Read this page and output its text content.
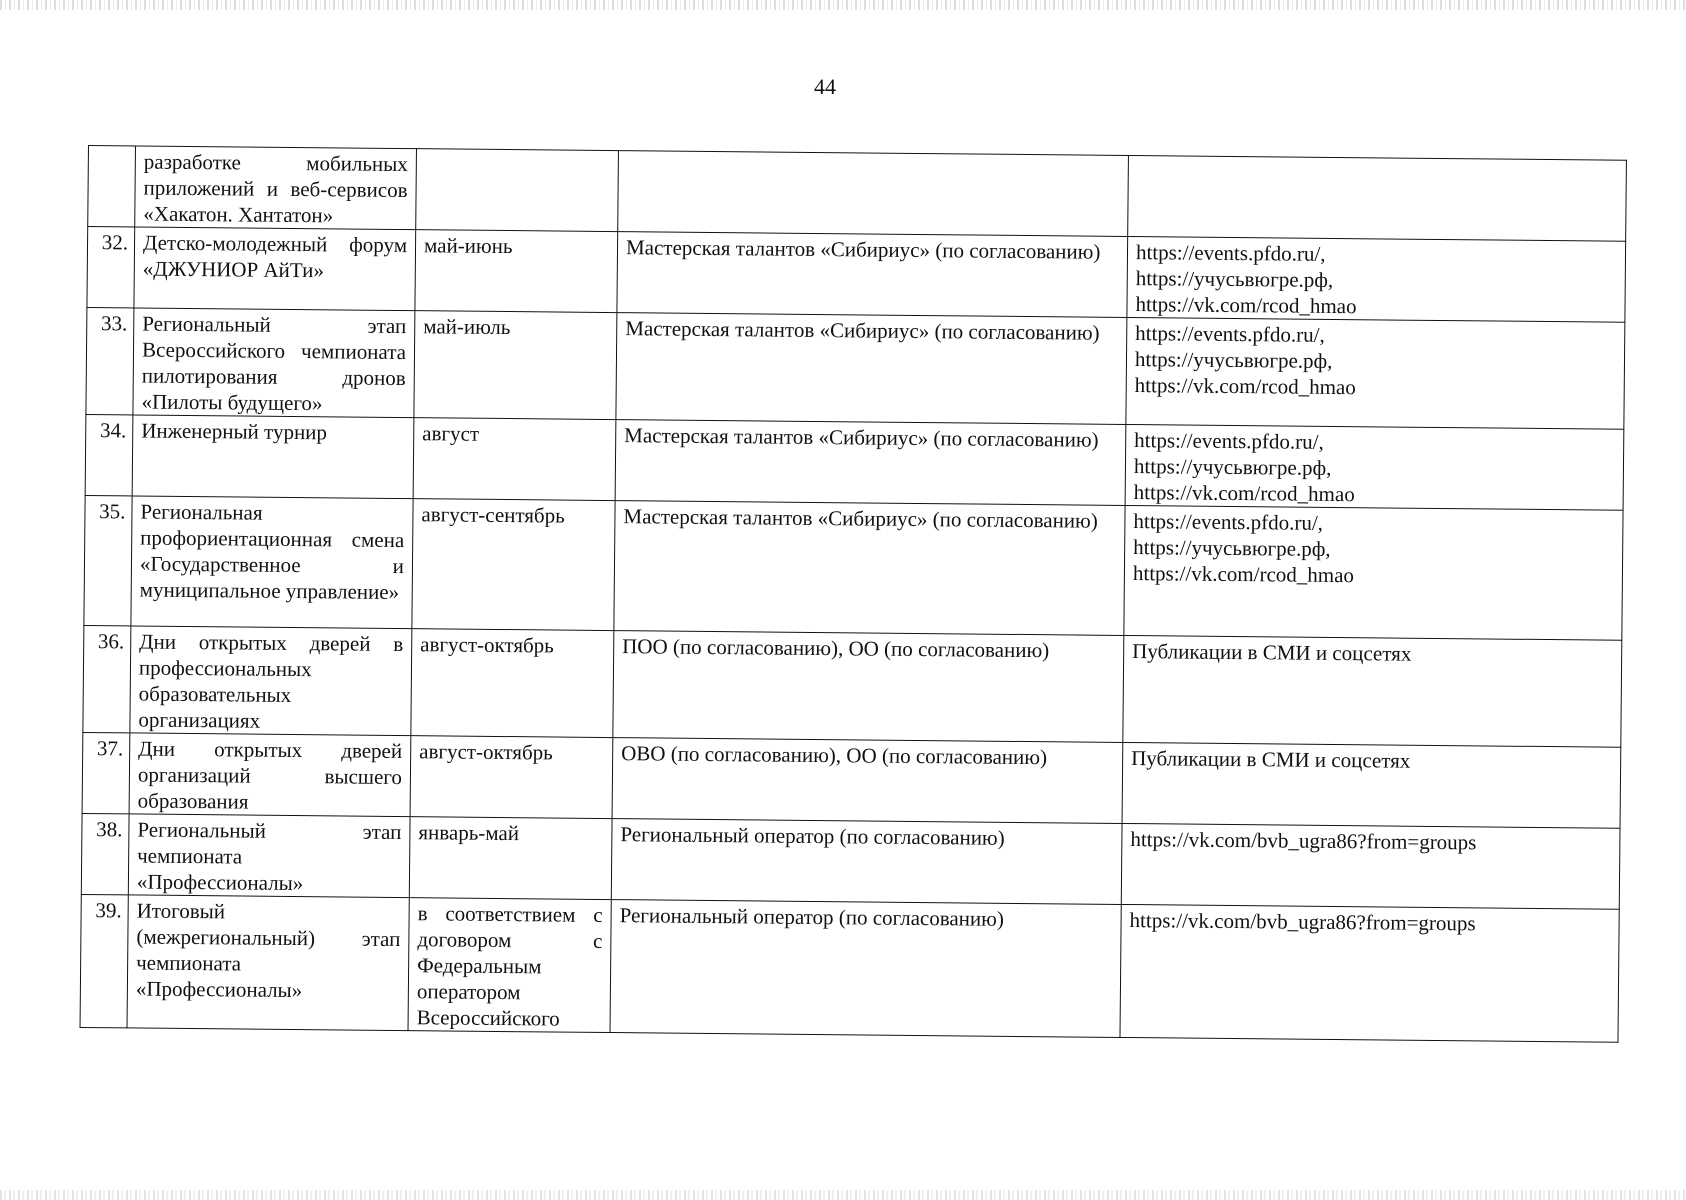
44
	разработке мобильных приложений и веб-сервисов «Хакатон. Хантатон»			
32.	Детско-молодежный форум «ДЖУНИОР АйТи»	май-июнь	Мастерская талантов «Сибириус» (по согласованию)	https://events.pfdo.ru/,
https://учусьвюгре.рф,
https://vk.com/rcod_hmao

33.	Региональный этап Всероссийского чемпионата пилотирования дронов «Пилоты будущего»	май-июль	Мастерская талантов «Сибириус» (по согласованию)	https://events.pfdo.ru/,
https://учусьвюгре.рф,
https://vk.com/rcod_hmao

34.	Инженерный турнир	август	Мастерская талантов «Сибириус» (по согласованию)	https://events.pfdo.ru/,
https://учусьвюгре.рф,
https://vk.com/rcod_hmao

35.	Региональная профориентационная смена «Государственное и муниципальное управление»	август-сентябрь	Мастерская талантов «Сибириус» (по согласованию)	https://events.pfdo.ru/,
https://учусьвюгре.рф,
https://vk.com/rcod_hmao

36.	Дни открытых дверей в профессиональных образовательных организациях	август-октябрь	ПОО (по согласованию), ОО (по согласованию)	Публикации в СМИ и соцсетях

37.	Дни открытых дверей организаций высшего образования	август-октябрь	ОВО (по согласованию), ОО (по согласованию)	Публикации в СМИ и соцсетях

38.	Региональный этап чемпионата «Профессионалы»	январь-май	Региональный оператор (по согласованию)	https://vk.com/bvb_ugra86?from=groups

39.	Итоговый (межрегиональный) этап чемпионата «Профессионалы»	в соответствием с договором с Федеральным оператором Всероссийского	Региональный оператор (по согласованию)	https://vk.com/bvb_ugra86?from=groups
